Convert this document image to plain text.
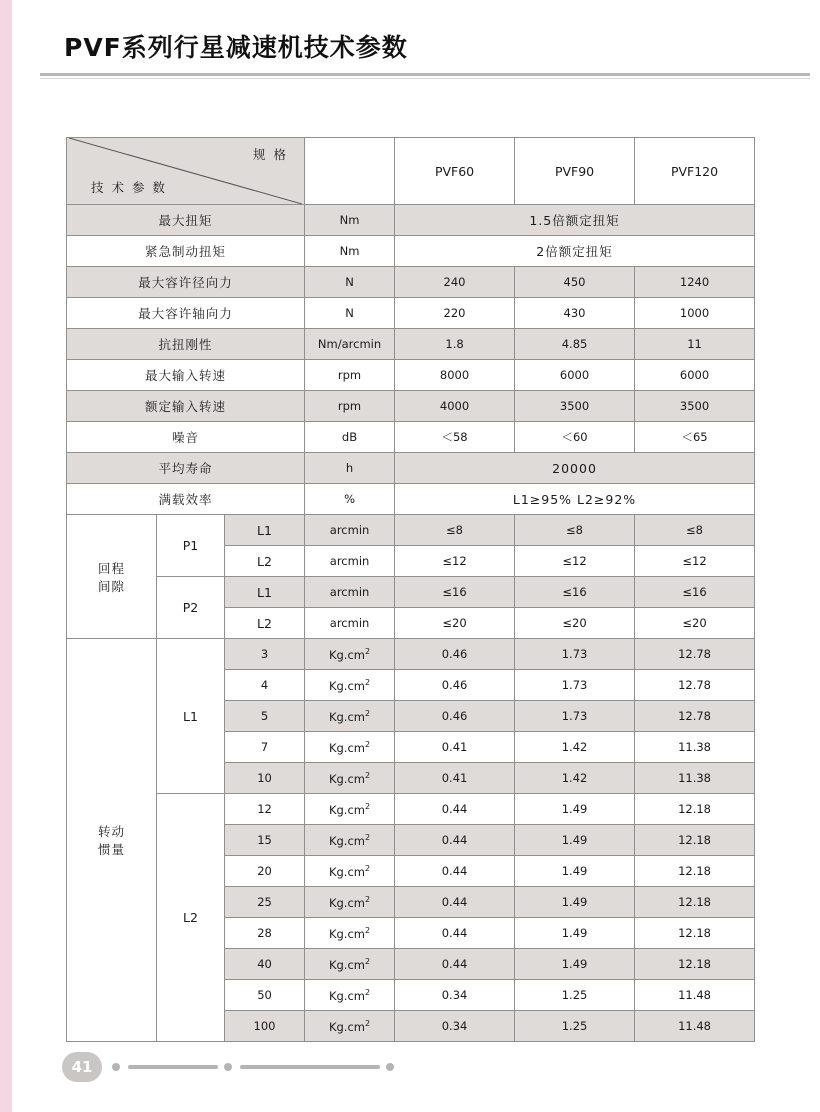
PVF系列行星减速机技术参数
规 格
技 术 参 数				PVF60	PVF90	PVF120
最大扭矩			Nm	1.5倍额定扭矩		
紧急制动扭矩			Nm	2倍额定扭矩		
最大容许径向力			N	240	450	1240
最大容许轴向力			N	220	430	1000
抗扭刚性			Nm/arcmin	1.8	4.85	11
最大输入转速			rpm	8000	6000	6000
额定输入转速			rpm	4000	3500	3500
噪音			dB	＜58	＜60	＜65
平均寿命			h	20000		
满载效率			%	L1≥95% L2≥92%		
回程
间隙	P1	L1	arcmin	≤8	≤8	≤8
		L2	arcmin	≤12	≤12	≤12
	P2	L1	arcmin	≤16	≤16	≤16
		L2	arcmin	≤20	≤20	≤20
转动
惯量	L1	3	$Kg.cm^2$	0.46	1.73	12.78
		4	$Kg.cm^2$	0.46	1.73	12.78
		5	$Kg.cm^2$	0.46	1.73	12.78
		7	$Kg.cm^2$	0.41	1.42	11.38
		10	$Kg.cm^2$	0.41	1.42	11.38
	L2	12	$Kg.cm^2$	0.44	1.49	12.18
		15	$Kg.cm^2$	0.44	1.49	12.18
		20	$Kg.cm^2$	0.44	1.49	12.18
		25	$Kg.cm^2$	0.44	1.49	12.18
		28	$Kg.cm^2$	0.44	1.49	12.18
		40	$Kg.cm^2$	0.44	1.49	12.18
		50	$Kg.cm^2$	0.34	1.25	11.48
		100	$Kg.cm^2$	0.34	1.25	11.48
41
